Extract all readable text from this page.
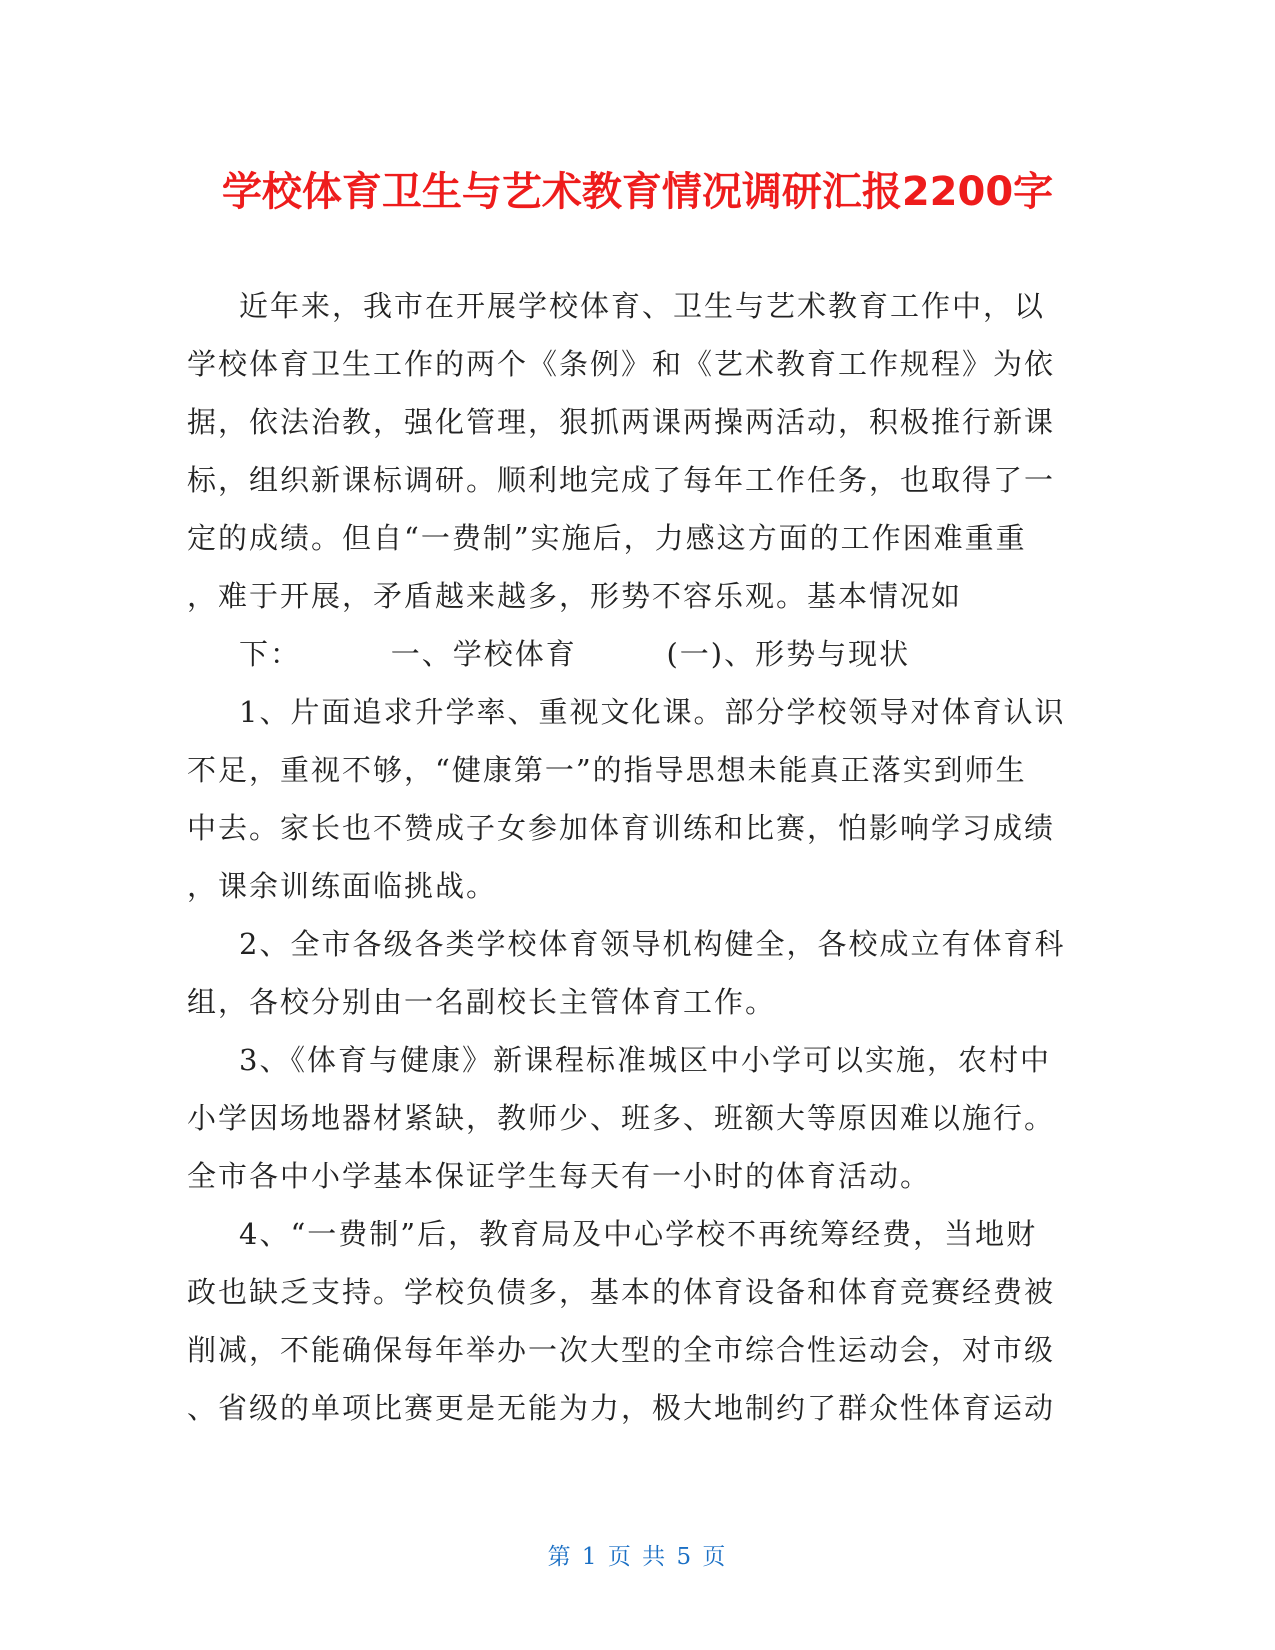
学校体育卫生与艺术教育情况调研汇报2200字
近年来，我市在开展学校体育、卫生与艺术教育工作中，以
学校体育卫生工作的两个《条例》和《艺术教育工作规程》为依
据，依法治教，强化管理，狠抓两课两操两活动，积极推行新课
标，组织新课标调研。顺利地完成了每年工作任务，也取得了一
定的成绩。但自“一费制”实施后，力感这方面的工作困难重重
，难于开展，矛盾越来越多，形势不容乐观。基本情况如
下：        一、学校体育        (一)、形势与现状
1、片面追求升学率、重视文化课。部分学校领导对体育认识
不足，重视不够，“健康第一”的指导思想未能真正落实到师生
中去。家长也不赞成子女参加体育训练和比赛，怕影响学习成绩
，课余训练面临挑战。
2、全市各级各类学校体育领导机构健全，各校成立有体育科
组，各校分别由一名副校长主管体育工作。
3、《体育与健康》新课程标准城区中小学可以实施，农村中
小学因场地器材紧缺，教师少、班多、班额大等原因难以施行。
全市各中小学基本保证学生每天有一小时的体育活动。
4、“一费制”后，教育局及中心学校不再统筹经费，当地财
政也缺乏支持。学校负债多，基本的体育设备和体育竞赛经费被
削减，不能确保每年举办一次大型的全市综合性运动会，对市级
、省级的单项比赛更是无能为力，极大地制约了群众性体育运动
第 1 页 共 5 页
